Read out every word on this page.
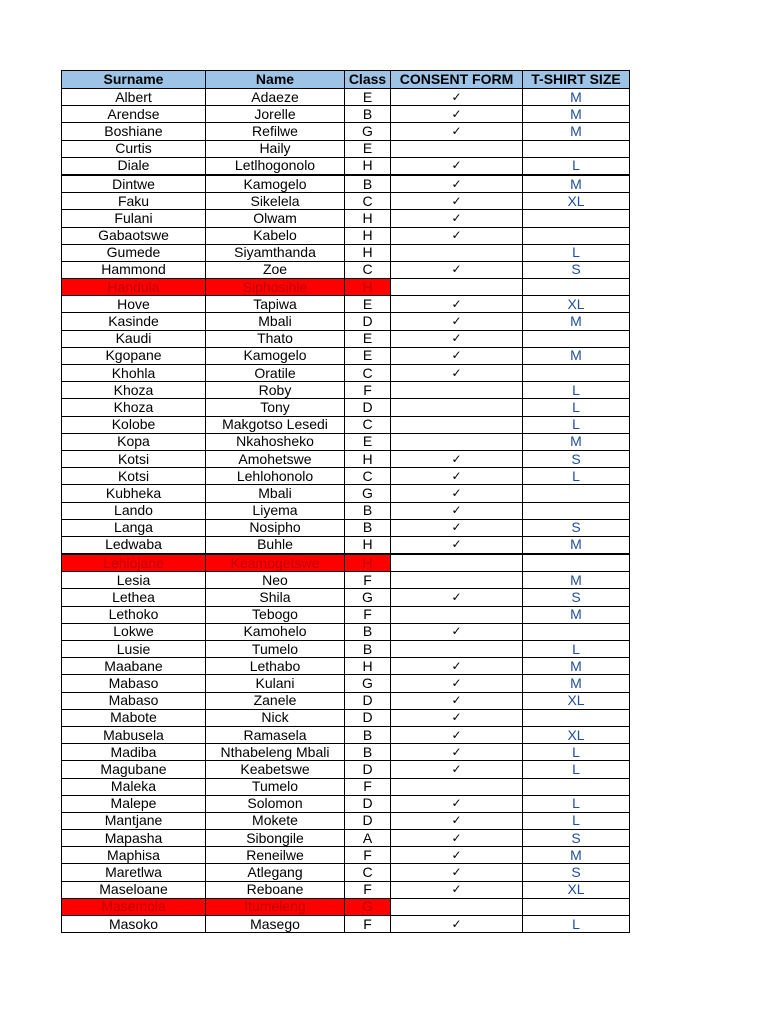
Surname	Name	Class	CONSENT FORM	T-SHIRT SIZE
Albert	Adaeze	E	✓	M
Arendse	Jorelle	B	✓	M
Boshiane	Refilwe	G	✓	M
Curtis	Haily	E		
Diale	Letlhogonolo	H	✓	L
Dintwe	Kamogelo	B	✓	M
Faku	Sikelela	C	✓	XL
Fulani	Olwam	H	✓	
Gabaotswe	Kabelo	H	✓	
Gumede	Siyamthanda	H		L
Hammond	Zoe	C	✓	S
Handula	Siphosihle	H		
Hove	Tapiwa	E	✓	XL
Kasinde	Mbali	D	✓	M
Kaudi	Thato	E	✓	
Kgopane	Kamogelo	E	✓	M
Khohla	Oratile	C	✓	
Khoza	Roby	F		L
Khoza	Tony	D		L
Kolobe	Makgotso Lesedi	C		L
Kopa	Nkahosheko	E		M
Kotsi	Amohetswe	H	✓	S
Kotsi	Lehlohonolo	C	✓	L
Kubheka	Mbali	G	✓	
Lando	Liyema	B	✓	
Langa	Nosipho	B	✓	S
Ledwaba	Buhle	H	✓	M
Lehlojane	Keamogetswe	H		
Lesia	Neo	F		M
Lethea	Shila	G	✓	S
Lethoko	Tebogo	F		M
Lokwe	Kamohelo	B	✓	
Lusie	Tumelo	B		L
Maabane	Lethabo	H	✓	M
Mabaso	Kulani	G	✓	M
Mabaso	Zanele	D	✓	XL
Mabote	Nick	D	✓	
Mabusela	Ramasela	B	✓	XL
Madiba	Nthabeleng Mbali	B	✓	L
Magubane	Keabetswe	D	✓	L
Maleka	Tumelo	F		
Malepe	Solomon	D	✓	L
Mantjane	Mokete	D	✓	L
Mapasha	Sibongile	A	✓	S
Maphisa	Reneilwe	F	✓	M
Maretlwa	Atlegang	C	✓	S
Maseloane	Reboane	F	✓	XL
Masemola	Itumeleng	G		
Masoko	Masego	F	✓	L
